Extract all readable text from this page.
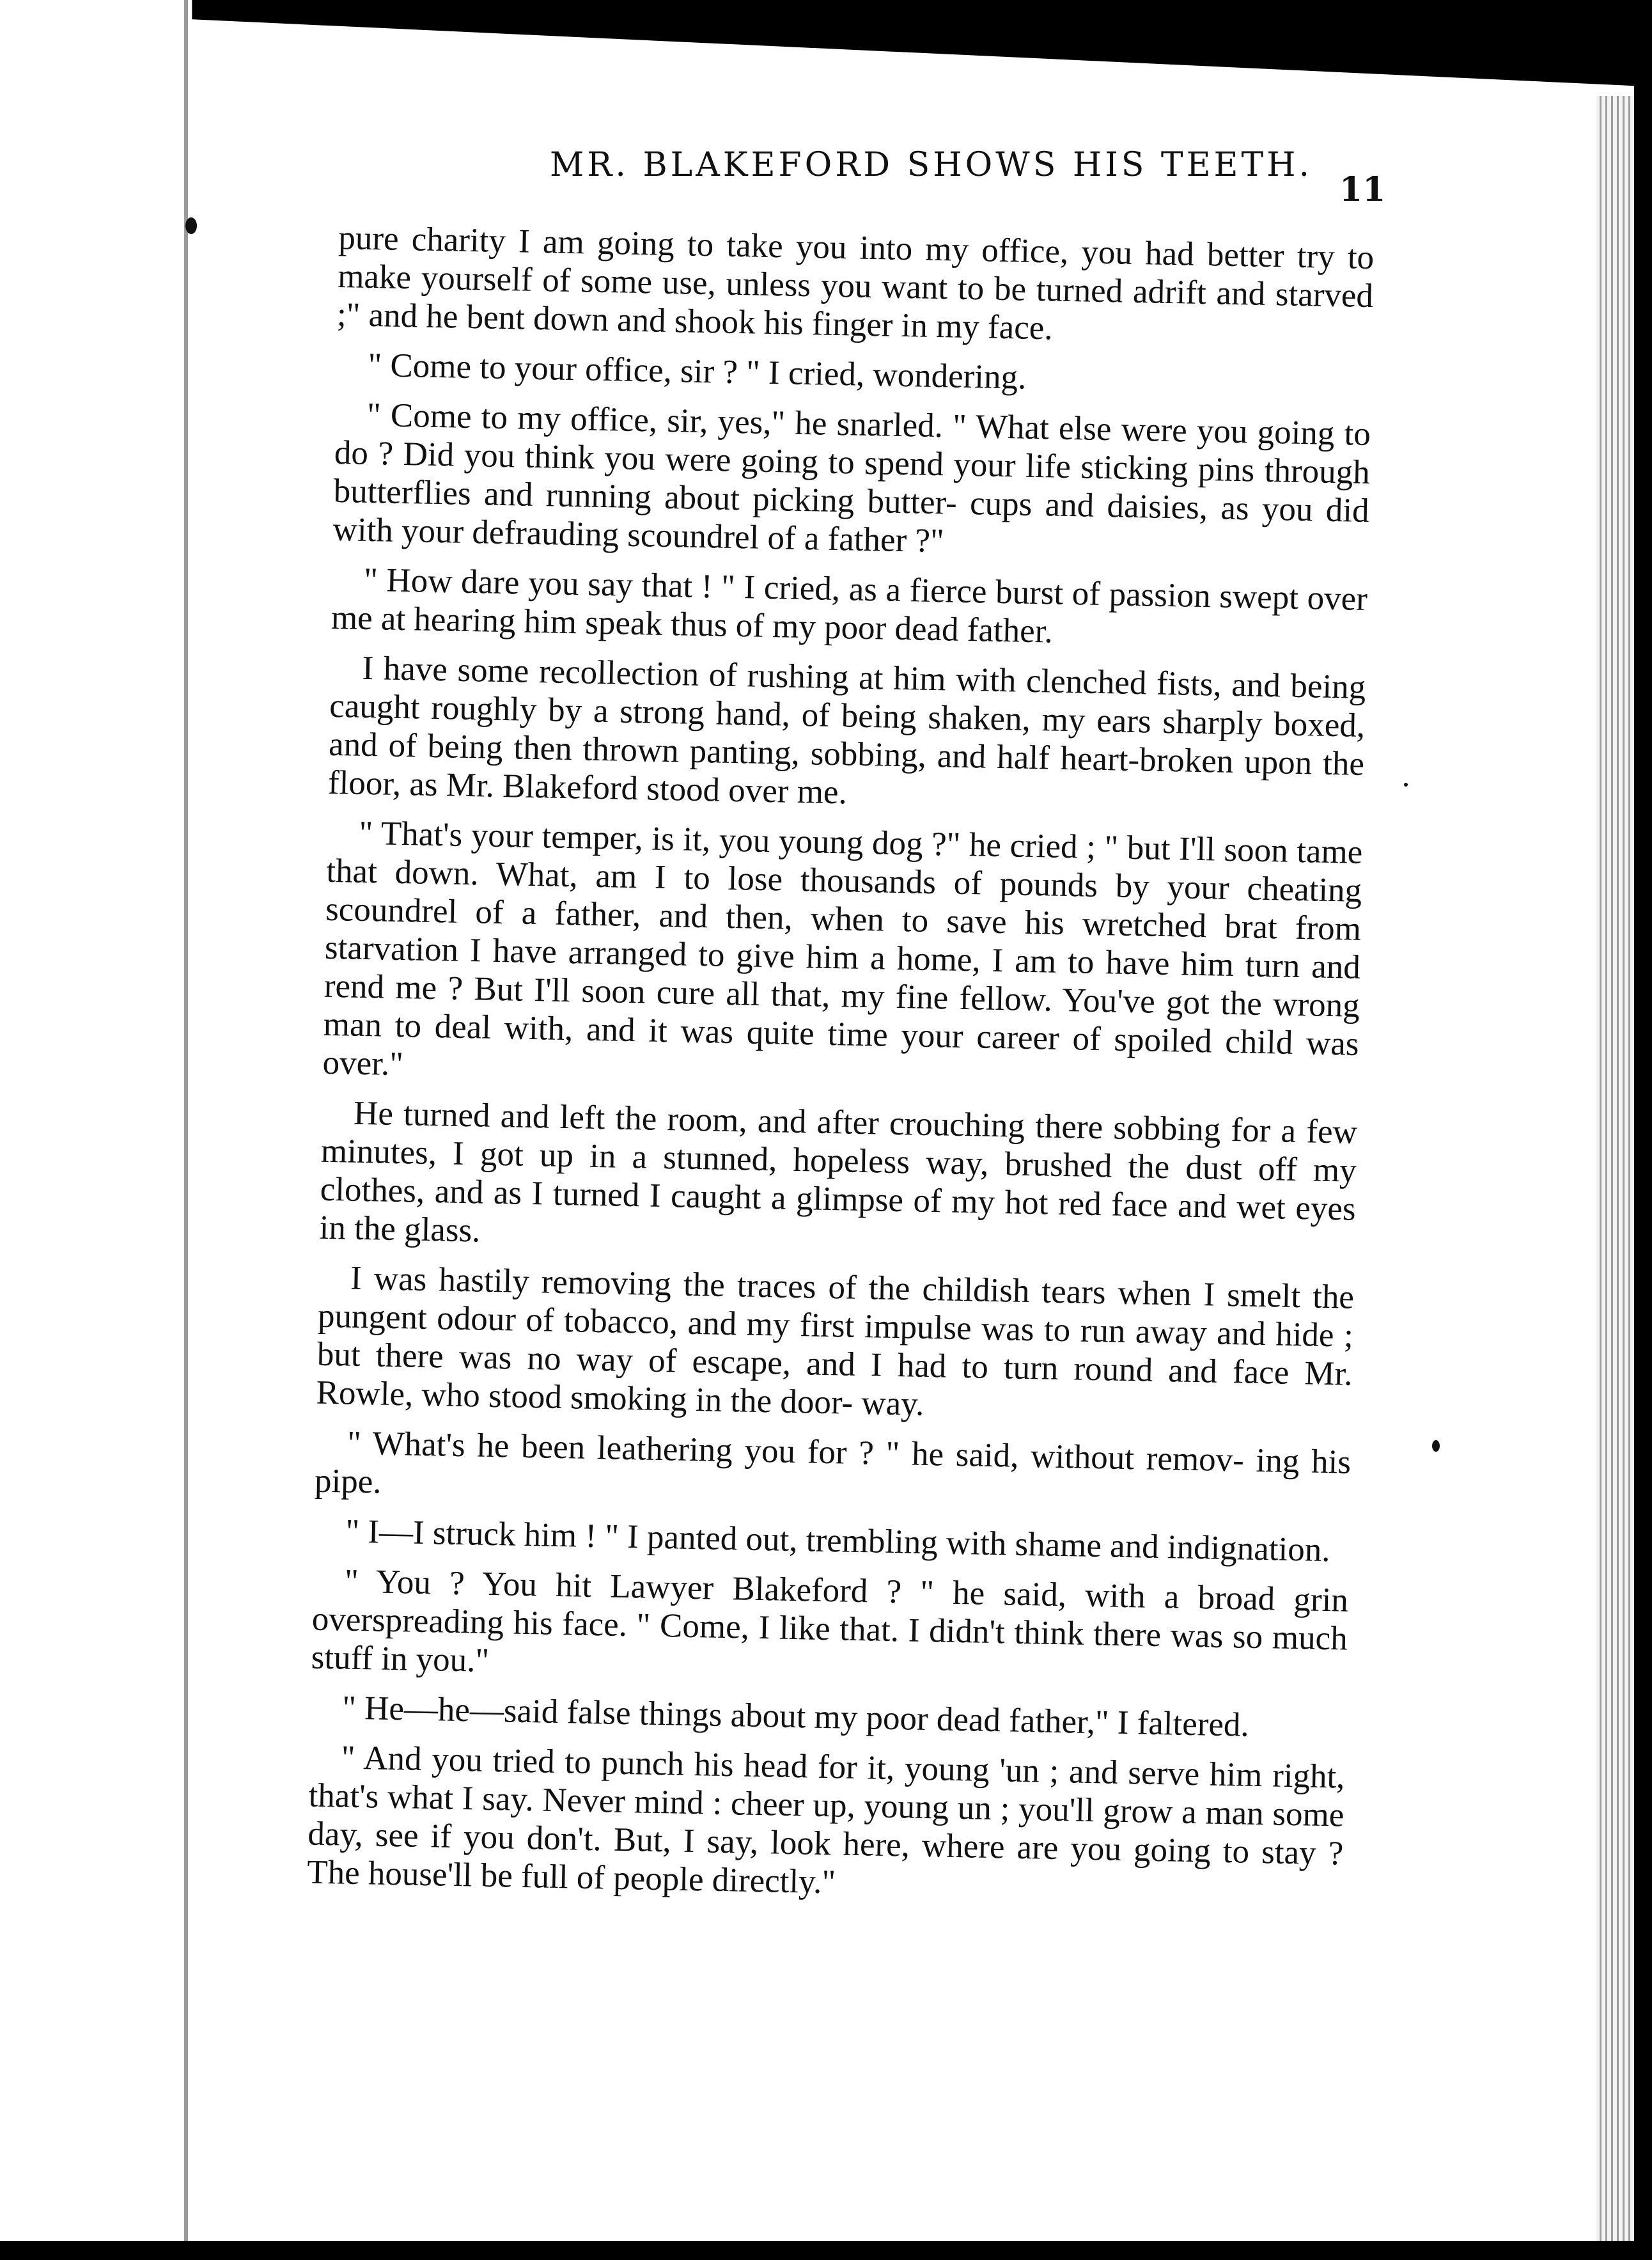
MR. BLAKEFORD SHOWS HIS TEETH.
11

pure charity I am going to take you into my office, you had better try to make yourself of some use, unless you want to be turned adrift and starved ;" and he bent down and shook his finger in my face.

" Come to your office, sir ? " I cried, wondering.

" Come to my office, sir, yes," he snarled. " What else were you going to do ? Did you think you were going to spend your life sticking pins through butterflies and running about picking butter- cups and daisies, as you did with your defrauding scoundrel of a father ?"

" How dare you say that ! " I cried, as a fierce burst of passion swept over me at hearing him speak thus of my poor dead father.

I have some recollection of rushing at him with clenched fists, and being caught roughly by a strong hand, of being shaken, my ears sharply boxed, and of being then thrown panting, sobbing, and half heart-broken upon the floor, as Mr. Blakeford stood over me.

" That's your temper, is it, you young dog ?" he cried ; " but I'll soon tame that down. What, am I to lose thousands of pounds by your cheating scoundrel of a father, and then, when to save his wretched brat from starvation I have arranged to give him a home, I am to have him turn and rend me ? But I'll soon cure all that, my fine fellow. You've got the wrong man to deal with, and it was quite time your career of spoiled child was over."

He turned and left the room, and after crouching there sobbing for a few minutes, I got up in a stunned, hopeless way, brushed the dust off my clothes, and as I turned I caught a glimpse of my hot red face and wet eyes in the glass.

I was hastily removing the traces of the childish tears when I smelt the pungent odour of tobacco, and my first impulse was to run away and hide ; but there was no way of escape, and I had to turn round and face Mr. Rowle, who stood smoking in the door- way.

" What's he been leathering you for ? " he said, without remov- ing his pipe.

" I—I struck him ! " I panted out, trembling with shame and indignation.

" You ? You hit Lawyer Blakeford ? " he said, with a broad grin overspreading his face. " Come, I like that. I didn't think there was so much stuff in you."

" He—he—said false things about my poor dead father," I faltered.

" And you tried to punch his head for it, young 'un ; and serve him right, that's what I say. Never mind : cheer up, young un ; you'll grow a man some day, see if you don't. But, I say, look here, where are you going to stay ? The house'll be full of people directly."
